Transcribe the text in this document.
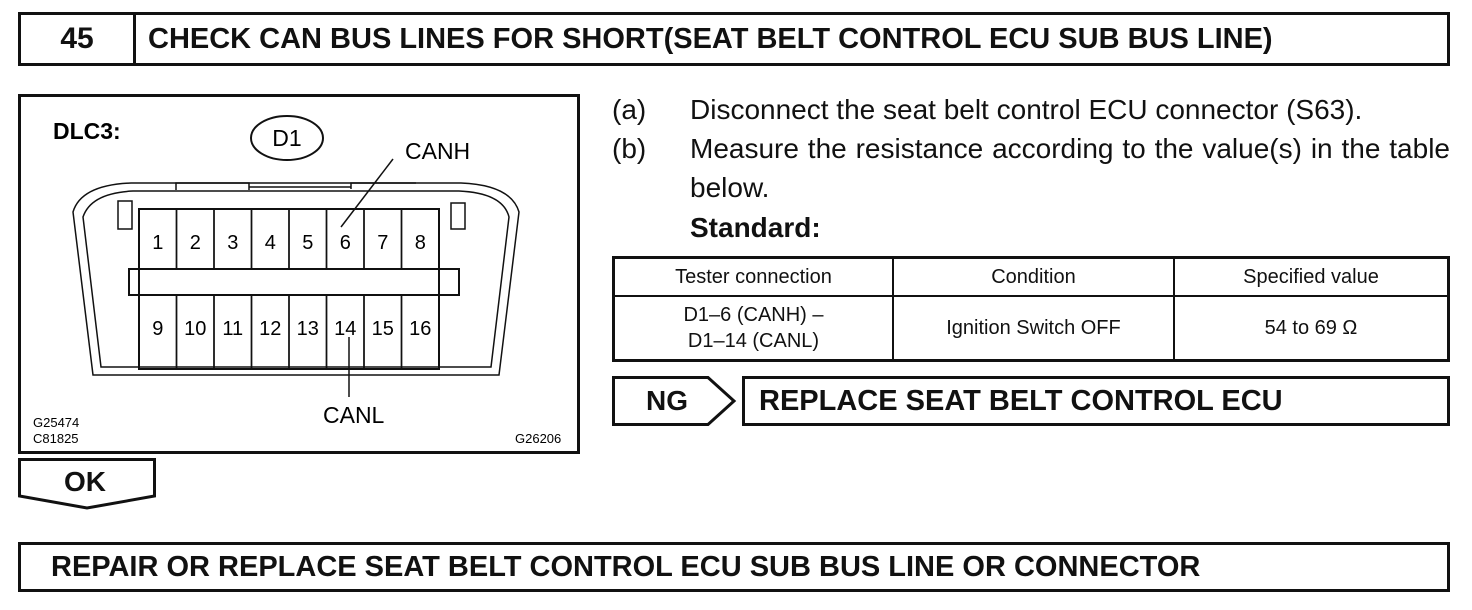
45	CHECK CAN BUS LINES FOR SHORT(SEAT BELT CONTROL ECU SUB BUS LINE)
1 2 3 4 5 6 7 8
9 10 11 12 13 14 15 16
D1
DLC3:
CANH
CANL
G25474
C81825	G26206
(a)	Disconnect the seat belt control ECU connector (S63).
(b)	Measure the resistance according to the value(s) in the table below.
Standard:
Tester connection	Condition	Specified value

D1–6 (CANH) –
D1–14 (CANL)	Ignition Switch OFF	54 to 69 Ω
NG	REPLACE SEAT BELT CONTROL ECU
OK
REPAIR OR REPLACE SEAT BELT CONTROL ECU SUB BUS LINE OR CONNECTOR
